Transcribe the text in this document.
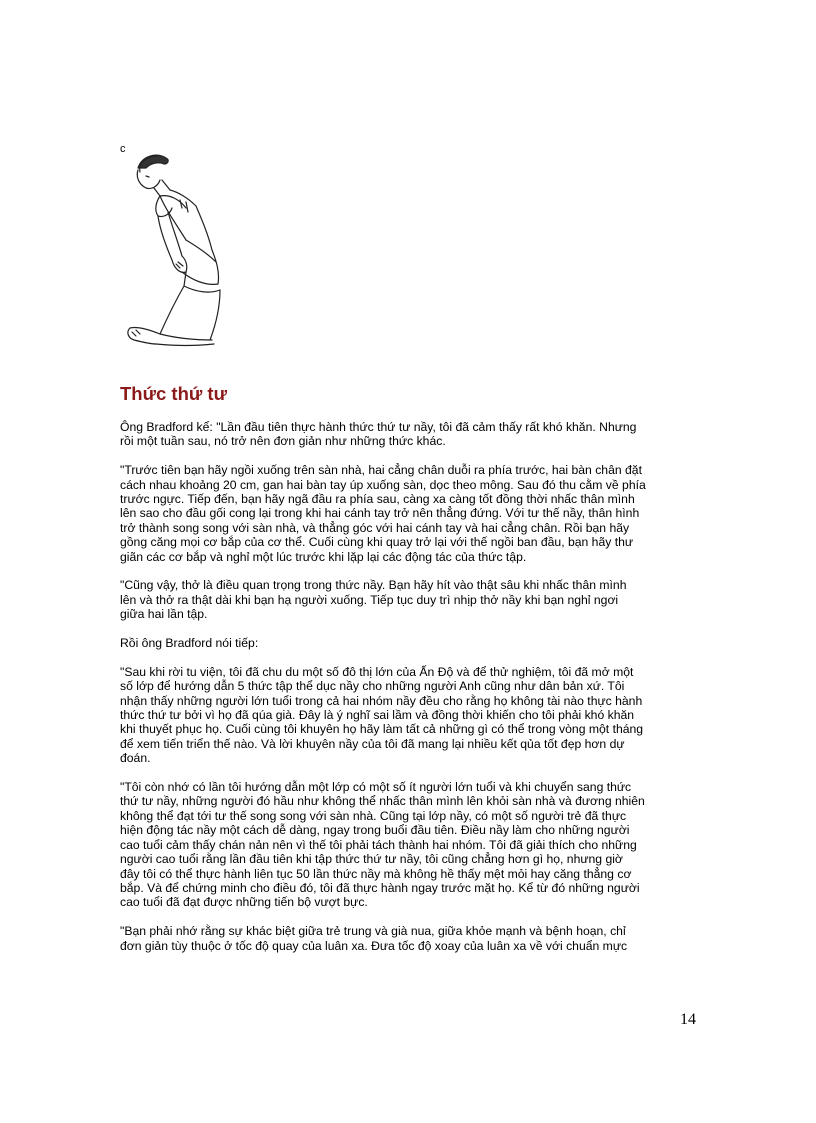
c
Thức thứ tư

Ông Bradford kể: "Lần đầu tiên thực hành thức thứ tư nầy, tôi đã cảm thấy rất khó khăn. Nhưng
rồi một tuần sau, nó trở nên đơn giản như những thức khác.

"Trước tiên bạn hãy ngồi xuống trên sàn nhà, hai cẳng chân duỗi ra phía trước, hai bàn chân đặt
cách nhau khoảng 20 cm, gan hai bàn tay úp xuống sàn, dọc theo mông. Sau đó thu cằm về phía
trước ngực. Tiếp đến, bạn hãy ngã đầu ra phía sau, càng xa càng tốt đồng thời nhấc thân mình
lên sao cho đầu gối cong lại trong khi hai cánh tay trở nên thẳng đứng. Với tư thế nầy, thân hình
trở thành song song với sàn nhà, và thẳng góc với hai cánh tay và hai cẳng chân. Rồi bạn hãy
gồng căng mọi cơ bắp của cơ thể. Cuối cùng khi quay trở lại với thế ngồi ban đầu, bạn hãy thư
giãn các cơ bắp và nghỉ một lúc trước khi lặp lại các động tác của thức tập.

"Cũng vậy, thở là điều quan trọng trong thức nầy. Bạn hãy hít vào thật sâu khi nhấc thân mình
lên và thở ra thật dài khi bạn hạ người xuống. Tiếp tục duy trì nhịp thở nầy khi bạn nghỉ ngơi
giữa hai lần tập.

Rồi ông Bradford nói tiếp:

"Sau khi rời tu viện, tôi đã chu du một số đô thị lớn của Ấn Độ và để thử nghiệm, tôi đã mở một
số lớp để hướng dẫn 5 thức tập thể dục nầy cho những người Anh cũng như dân bản xứ. Tôi
nhận thấy những người lớn tuổi trong cả hai nhóm nầy đều cho rằng họ không tài nào thực hành
thức thứ tư bởi vì họ đã qúa già. Đây là ý nghĩ sai lầm và đồng thời khiến cho tôi phải khó khăn
khi thuyết phục họ. Cuối cùng tôi khuyên họ hãy làm tất cả những gì có thể trong vòng một tháng
để xem tiến triển thế nào. Và lời khuyên nầy của tôi đã mang lại nhiều kết qủa tốt đẹp hơn dự
đoán.

"Tôi còn nhớ có lần tôi hướng dẫn một lớp có một số ít người lớn tuổi và khi chuyển sang thức
thứ tư nầy, những người đó hầu như không thể nhấc thân mình lên khỏi sàn nhà và đương nhiên
không thể đạt tới tư thế song song với sàn nhà. Cũng tại lớp nầy, có một số người trẻ đã thực
hiện động tác nầy một cách dễ dàng, ngay trong buổi đầu tiên. Điều nầy làm cho những người
cao tuổi cảm thấy chán nản nên vì thế tôi phải tách thành hai nhóm. Tôi đã giải thích cho những
người cao tuổi rằng lần đầu tiên khi tập thức thứ tư nầy, tôi cũng chẳng hơn gì họ, nhưng giờ
đây tôi có thể thực hành liên tục 50 lần thức nầy mà không hề thấy mệt mỏi hay căng thẳng cơ
bắp. Và để chứng minh cho điều đó, tôi đã thực hành ngay trước mặt họ. Kể từ đó những người
cao tuổi đã đạt được những tiến bộ vượt bực.

"Bạn phải nhớ rằng sự khác biệt giữa trẻ trung và già nua, giữa khỏe mạnh và bệnh hoạn, chỉ
đơn giản tùy thuộc ở tốc độ quay của luân xa. Đưa tốc độ xoay của luân xa về với chuẩn mực

14
